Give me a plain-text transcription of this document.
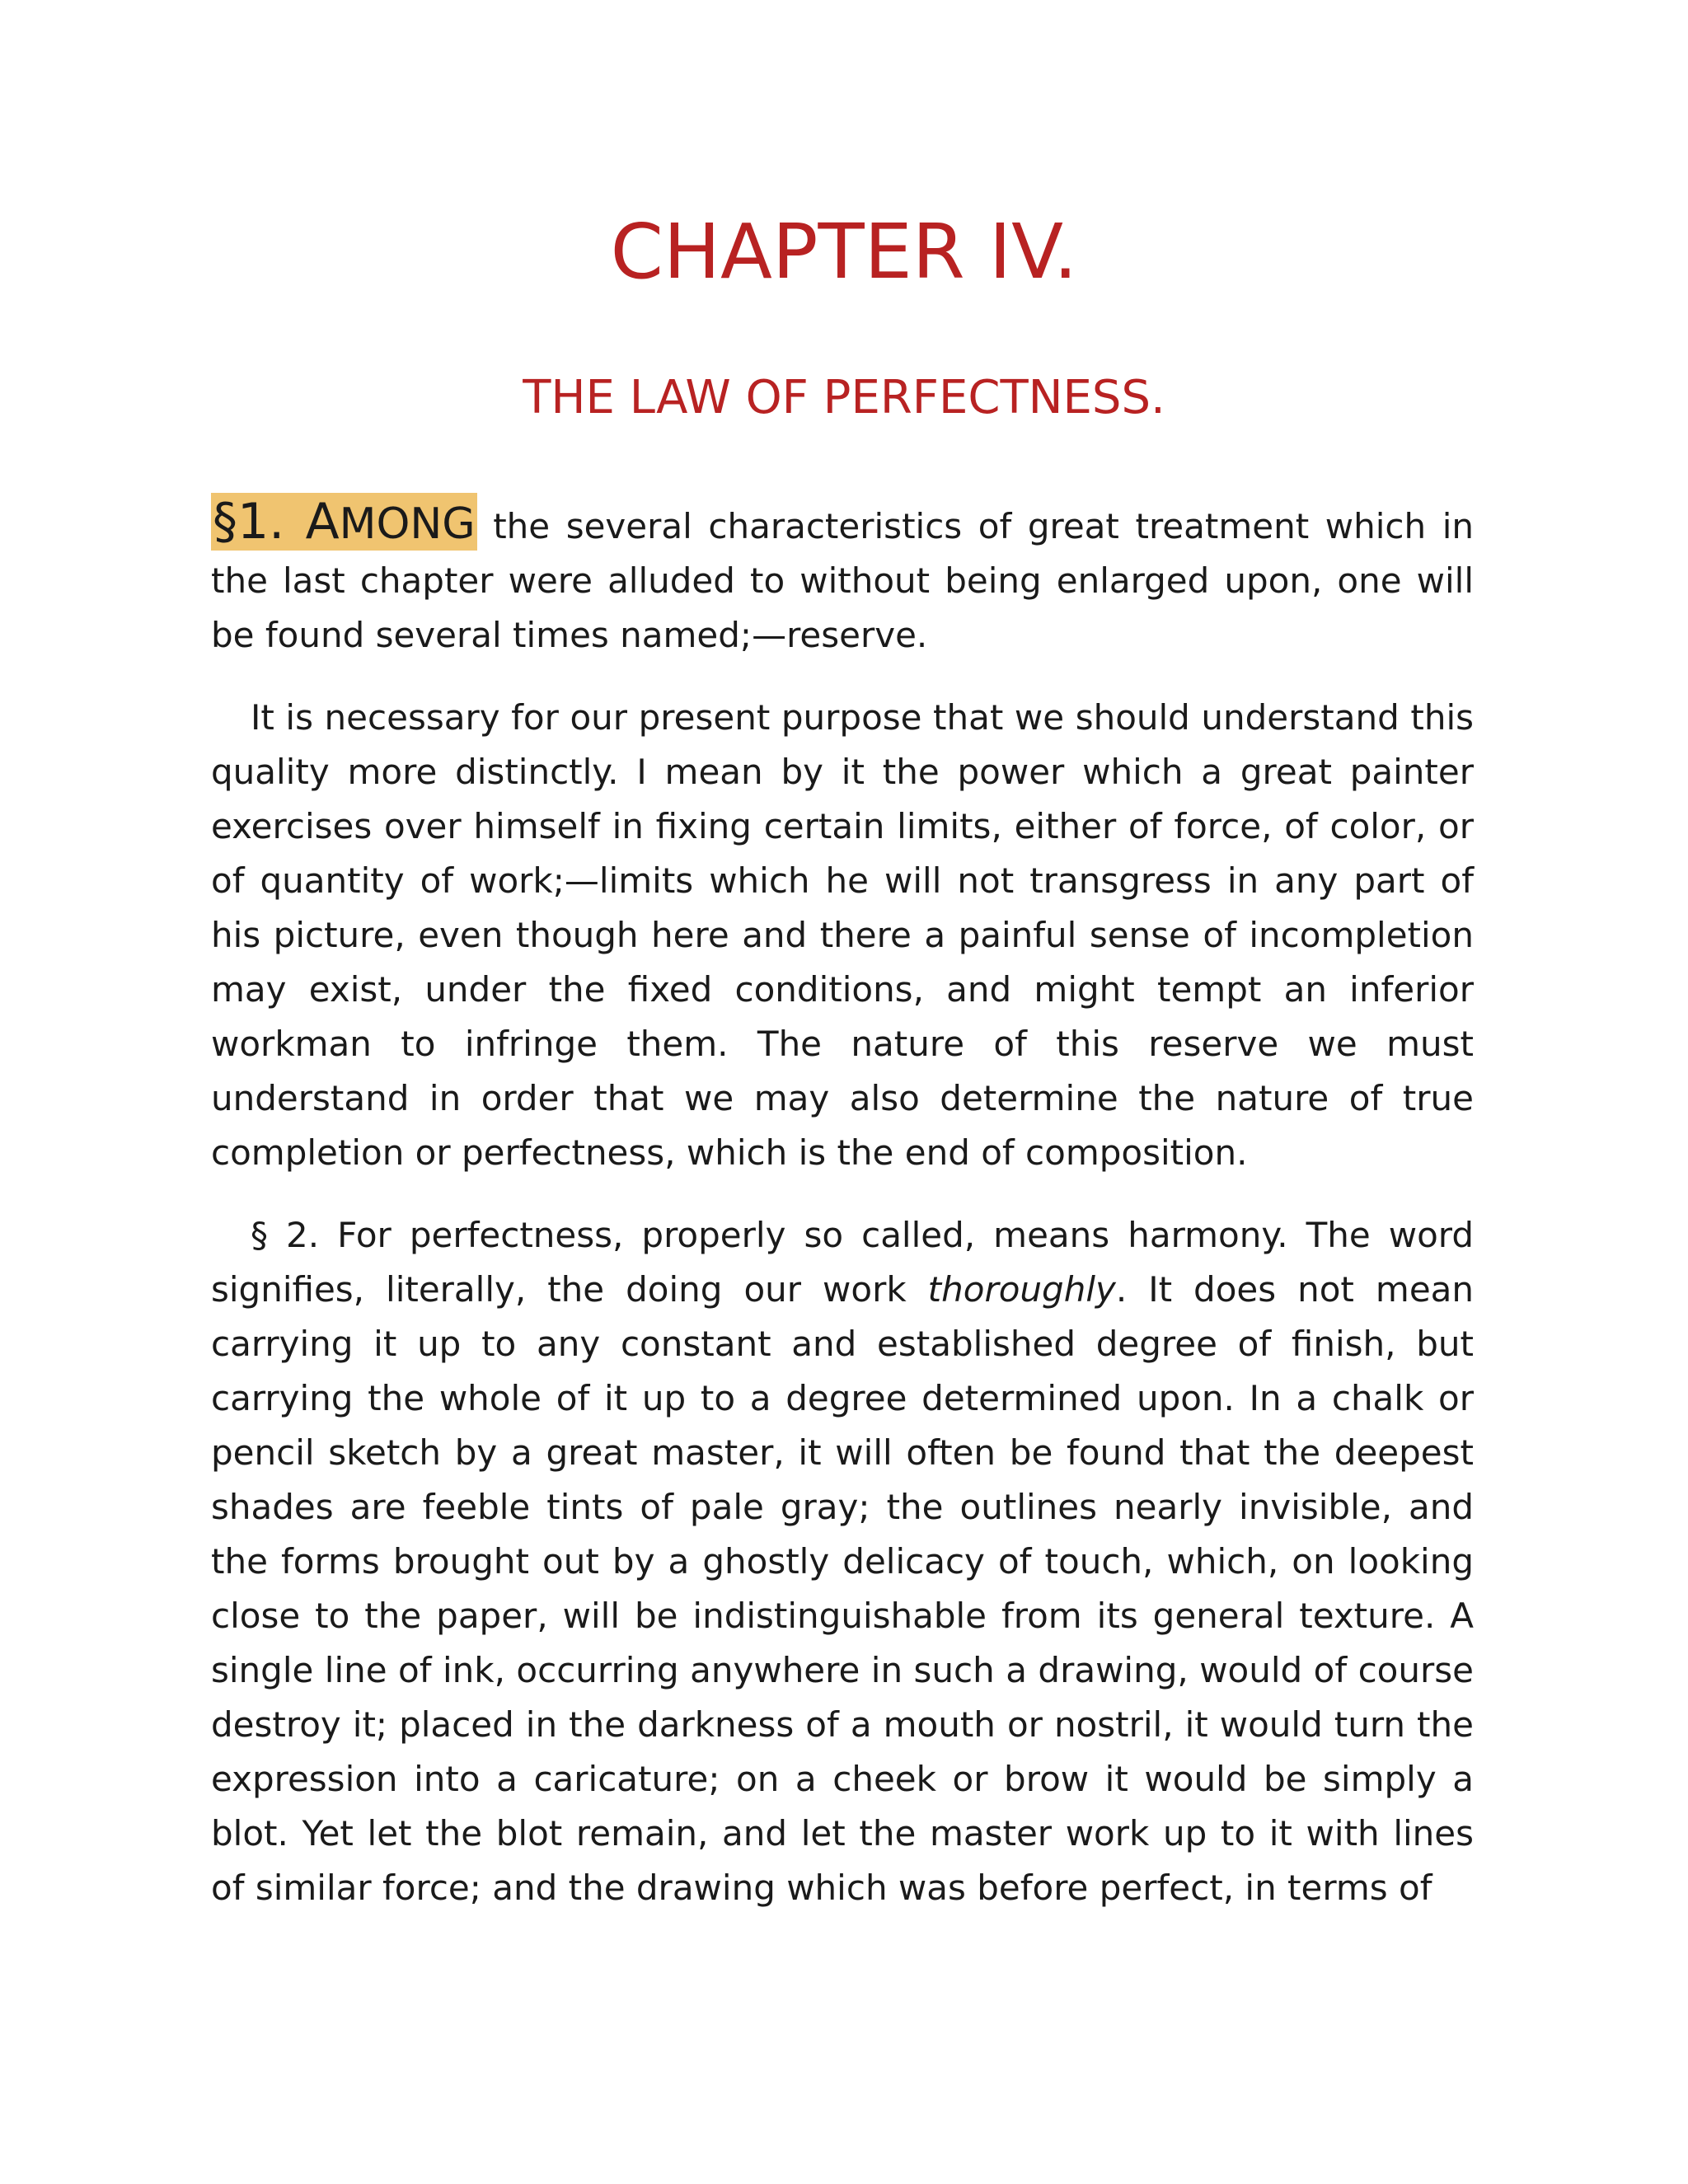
CHAPTER IV.
THE LAW OF PERFECTNESS.

§1. AMONG the several characteristics of great treatment which in the last chapter were alluded to without being enlarged upon, one will be found several times named;—reserve.

It is necessary for our present purpose that we should understand this quality more distinctly. I mean by it the power which a great painter exercises over himself in fixing certain limits, either of force, of color, or of quantity of work;—limits which he will not transgress in any part of his picture, even though here and there a painful sense of incompletion may exist, under the fixed conditions, and might tempt an inferior workman to infringe them. The nature of this reserve we must understand in order that we may also determine the nature of true completion or perfectness, which is the end of composition.

§ 2. For perfectness, properly so called, means harmony. The word signifies, literally, the doing our work thoroughly. It does not mean carrying it up to any constant and established degree of finish, but carrying the whole of it up to a degree determined upon. In a chalk or pencil sketch by a great master, it will often be found that the deepest shades are feeble tints of pale gray; the outlines nearly invisible, and the forms brought out by a ghostly delicacy of touch, which, on looking close to the paper, will be indistinguishable from its general texture. A single line of ink, occurring anywhere in such a drawing, would of course destroy it; placed in the darkness of a mouth or nostril, it would turn the expression into a caricature; on a cheek or brow it would be simply a blot. Yet let the blot remain, and let the master work up to it with lines of similar force; and the drawing which was before perfect, in terms of
